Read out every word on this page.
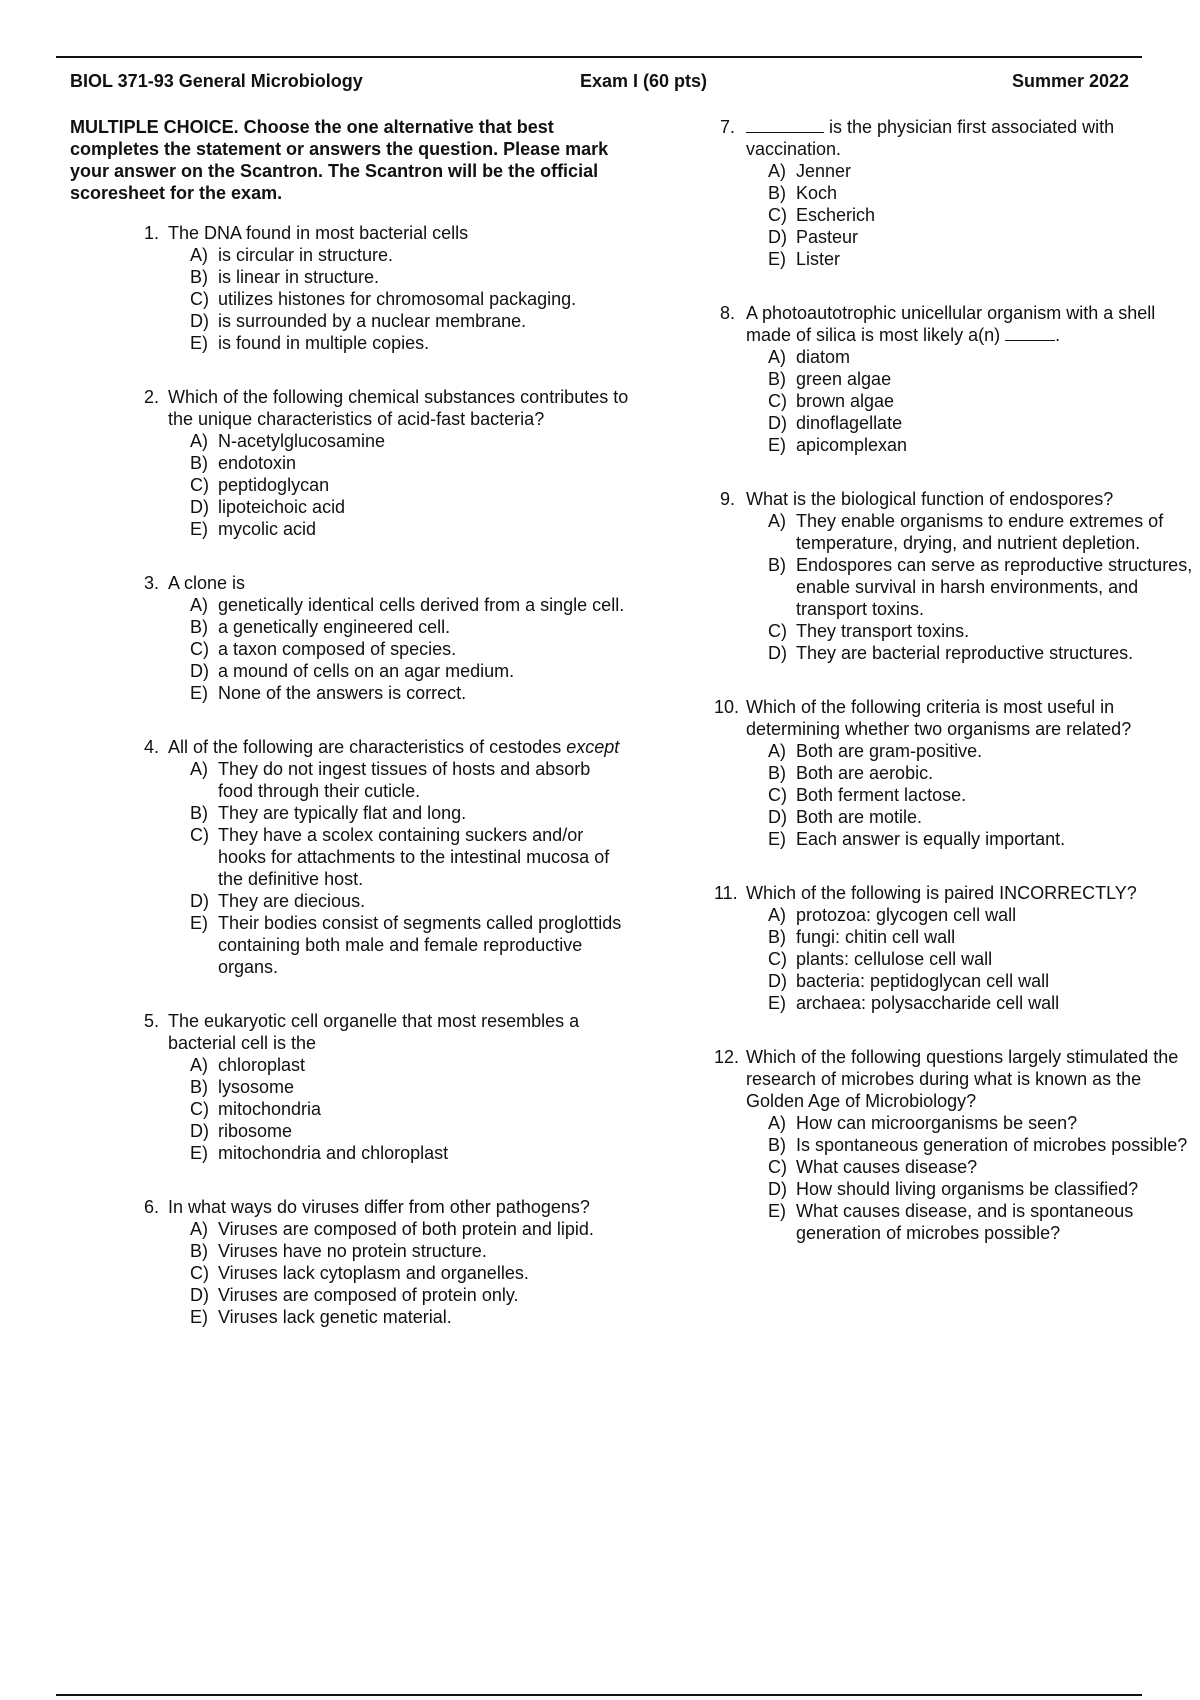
BIOL 371-93 General Microbiology	Exam I (60 pts)	Summer 2022
MULTIPLE CHOICE. Choose the one alternative that best completes the statement or answers the question. Please mark your answer on the Scantron. The Scantron will be the official scoresheet for the exam.
1. The DNA found in most bacterial cells
A) is circular in structure.
B) is linear in structure.
C) utilizes histones for chromosomal packaging.
D) is surrounded by a nuclear membrane.
E) is found in multiple copies.
2. Which of the following chemical substances contributes to the unique characteristics of acid-fast bacteria?
A) N-acetylglucosamine
B) endotoxin
C) peptidoglycan
D) lipoteichoic acid
E) mycolic acid
3. A clone is
A) genetically identical cells derived from a single cell.
B) a genetically engineered cell.
C) a taxon composed of species.
D) a mound of cells on an agar medium.
E) None of the answers is correct.
4. All of the following are characteristics of cestodes except
A) They do not ingest tissues of hosts and absorb food through their cuticle.
B) They are typically flat and long.
C) They have a scolex containing suckers and/or hooks for attachments to the intestinal mucosa of the definitive host.
D) They are diecious.
E) Their bodies consist of segments called proglottids containing both male and female reproductive organs.
5. The eukaryotic cell organelle that most resembles a bacterial cell is the
A) chloroplast
B) lysosome
C) mitochondria
D) ribosome
E) mitochondria and chloroplast
6. In what ways do viruses differ from other pathogens?
A) Viruses are composed of both protein and lipid.
B) Viruses have no protein structure.
C) Viruses lack cytoplasm and organelles.
D) Viruses are composed of protein only.
E) Viruses lack genetic material.
7.	is the physician first associated with vaccination.
A) Jenner
B) Koch
C) Escherich
D) Pasteur
E) Lister
8. A photoautotrophic unicellular organism with a shell made of silica is most likely a(n)	.
A) diatom
B) green algae
C) brown algae
D) dinoflagellate
E) apicomplexan
9. What is the biological function of endospores?
A) They enable organisms to endure extremes of temperature, drying, and nutrient depletion.
B) Endospores can serve as reproductive structures, enable survival in harsh environments, and transport toxins.
C) They transport toxins.
D) They are bacterial reproductive structures.
10. Which of the following criteria is most useful in determining whether two organisms are related?
A) Both are gram-positive.
B) Both are aerobic.
C) Both ferment lactose.
D) Both are motile.
E) Each answer is equally important.
11. Which of the following is paired INCORRECTLY?
A) protozoa: glycogen cell wall
B) fungi: chitin cell wall
C) plants: cellulose cell wall
D) bacteria: peptidoglycan cell wall
E) archaea: polysaccharide cell wall
12. Which of the following questions largely stimulated the research of microbes during what is known as the Golden Age of Microbiology?
A) How can microorganisms be seen?
B) Is spontaneous generation of microbes possible?
C) What causes disease?
D) How should living organisms be classified?
E) What causes disease, and is spontaneous generation of microbes possible?
